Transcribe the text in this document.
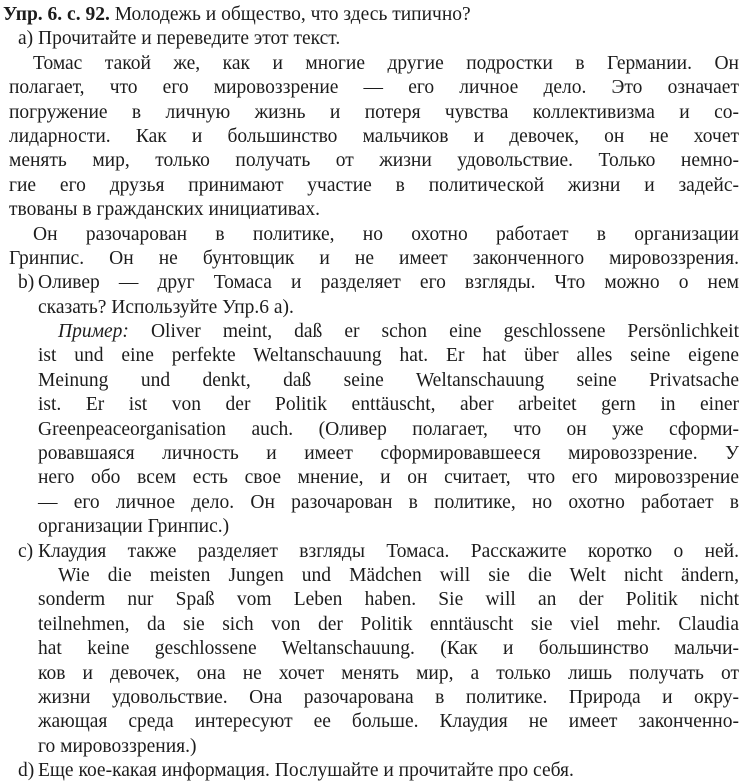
Упр. 6. с. 92. Молодежь и общество, что здесь типично?
a) Прочитайте и переведите этот текст.
Томас такой же, как и многие другие подростки в Германии. Он
полагает, что его мировоззрение — его личное дело. Это означает
погружение в личную жизнь и потеря чувства коллективизма и со-
лидарности. Как и большинство мальчиков и девочек, он не хочет
менять мир, только получать от жизни удовольствие. Только немно-
гие его друзья принимают участие в политической жизни и задейс-
твованы в гражданских инициативах.
Он разочарован в политике, но охотно работает в организации
Гринпис. Он не бунтовщик и не имеет законченного мировоззрения.
b) Оливер — друг Томаса и разделяет его взгляды. Что можно о нем
сказать? Используйте Упр.6 а).
Пример: Oliver meint, daß er schon eine geschlossene Persönlichkeit
ist und eine perfekte Weltanschauung hat. Er hat über alles seine eigene
Meinung und denkt, daß seine Weltanschauung seine Privatsache
ist. Er ist von der Politik enttäuscht, aber arbeitet gern in einer
Greenpeaceorganisation auch. (Оливер полагает, что он уже сформи-
ровавшаяся личность и имеет сформировавшееся мировоззрение. У
него обо всем есть свое мнение, и он считает, что его мировоззрение
— его личное дело. Он разочарован в политике, но охотно работает в
организации Гринпис.)
c) Клаудия также разделяет взгляды Томаса. Расскажите коротко о ней.
Wie die meisten Jungen und Mädchen will sie die Welt nicht ändern,
sonderm nur Spaß vom Leben haben. Sie will an der Politik nicht
teilnehmen, da sie sich von der Politik enntäuscht sie viel mehr. Claudia
hat keine geschlossene Weltanschauung. (Как и большинство мальчи-
ков и девочек, она не хочет менять мир, а только лишь получать от
жизни удовольствие. Она разочарована в политике. Природа и окру-
жающая среда интересуют ее больше. Клаудия не имеет законченно-
го мировоззрения.)
d) Еще кое-какая информация. Послушайте и прочитайте про себя.
